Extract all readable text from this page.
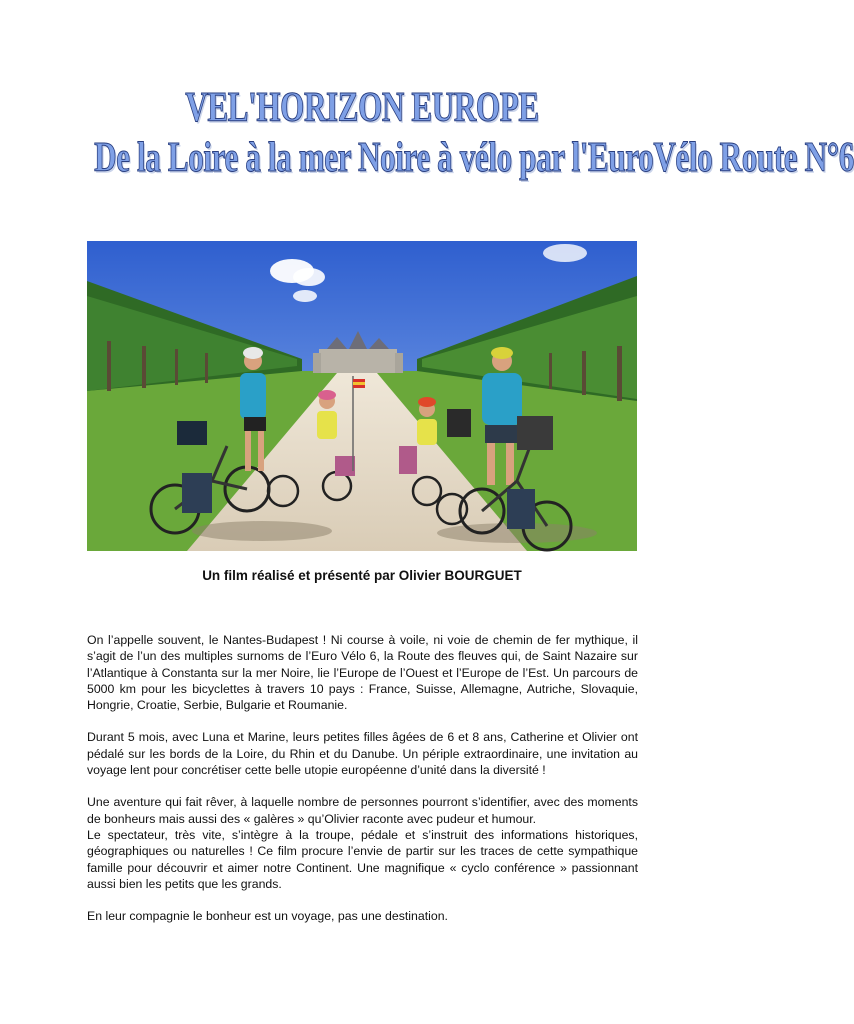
VEL'HORIZON EUROPE
De la Loire à la mer Noire à vélo par l'EuroVélo Route N°6
Un film réalisé et présenté par Olivier BOURGUET

On l’appelle souvent, le Nantes-Budapest ! Ni course à voile, ni voie de chemin de fer mythique, il s’agit de l’un des multiples surnoms de l’Euro Vélo 6, la Route des fleuves qui, de Saint Nazaire sur l’Atlantique à Constanta sur la mer Noire, lie l’Europe de l’Ouest et l’Europe de l’Est. Un parcours de 5000 km pour les bicyclettes à travers 10 pays : France, Suisse, Allemagne, Autriche, Slovaquie, Hongrie, Croatie, Serbie, Bulgarie et Roumanie.

Durant 5 mois, avec Luna et Marine, leurs petites filles âgées de 6 et 8 ans, Catherine et Olivier ont pédalé sur les bords de la Loire, du Rhin et du Danube. Un périple extraordinaire, une invitation au voyage lent pour concrétiser cette belle utopie européenne d’unité dans la diversité !

Une aventure qui fait rêver, à laquelle nombre de personnes pourront s’identifier, avec des moments de bonheurs mais aussi des « galères » qu’Olivier raconte avec pudeur et humour.

Le spectateur, très vite, s’intègre à la troupe, pédale et s’instruit des informations historiques, géographiques ou naturelles ! Ce film procure l’envie de partir sur les traces de cette sympathique famille pour découvrir et aimer notre Continent. Une magnifique « cyclo conférence » passionnant aussi bien les petits que les grands.

En leur compagnie le bonheur est un voyage, pas une destination.
